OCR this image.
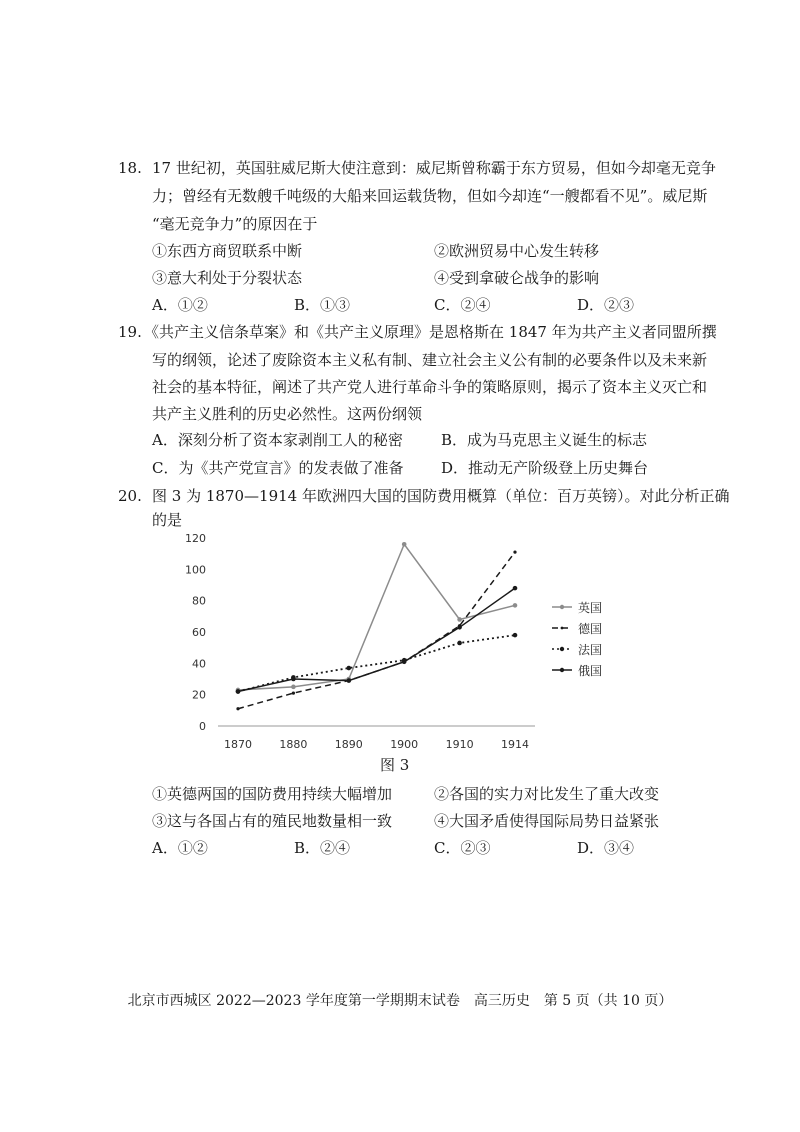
18. 17 世纪初，英国驻威尼斯大使注意到：威尼斯曾称霸于东方贸易，但如今却毫无竞争
力；曾经有无数艘千吨级的大船来回运载货物，但如今却连“一艘都看不见”。威尼斯
“毫无竞争力”的原因在于
①东西方商贸联系中断	②欧洲贸易中心发生转移
③意大利处于分裂状态	④受到拿破仑战争的影响
A．①②	B．①③	C．②④	D．②③
19. 《共产主义信条草案》和《共产主义原理》是恩格斯在 1847 年为共产主义者同盟所撰
写的纲领，论述了废除资本主义私有制、建立社会主义公有制的必要条件以及未来新
社会的基本特征，阐述了共产党人进行革命斗争的策略原则，揭示了资本主义灭亡和
共产主义胜利的历史必然性。这两份纲领
A．深刻分析了资本家剥削工人的秘密	B．成为马克思主义诞生的标志
C．为《共产党宣言》的发表做了准备	D．推动无产阶级登上历史舞台
20. 图 3 为 1870—1914 年欧洲四大国的国防费用概算（单位：百万英镑）。对此分析正确
的是
0
20
40
60
80
100
120
1870 1880 1890 1900 1910 1914
英国
德国
法国
俄国
图 3
①英德两国的国防费用持续大幅增加	②各国的实力对比发生了重大改变
③这与各国占有的殖民地数量相一致	④大国矛盾使得国际局势日益紧张
A．①②	B．②④	C．②③	D．③④
北京市西城区 2022—2023 学年度第一学期期末试卷　高三历史　第 5 页（共 10 页）
